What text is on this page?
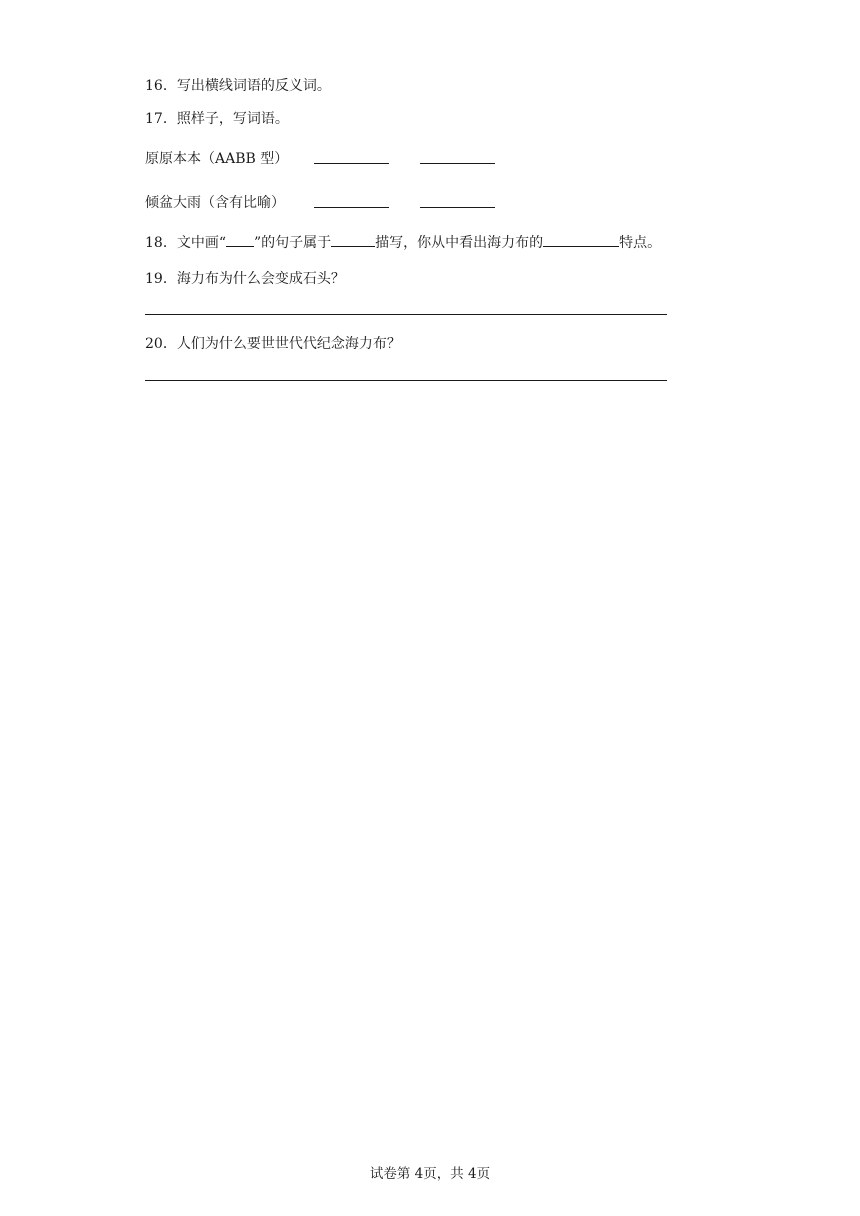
16．写出横线词语的反义词。
17．照样子，写词语。
原原本本（AABB 型）
倾盆大雨（含有比喻）
18．文中画“ ”的句子属于	描写，你从中看出海力布的	特点。
19．海力布为什么会变成石头？
20．人们为什么要世世代代纪念海力布？
试卷第 4页，共 4页
